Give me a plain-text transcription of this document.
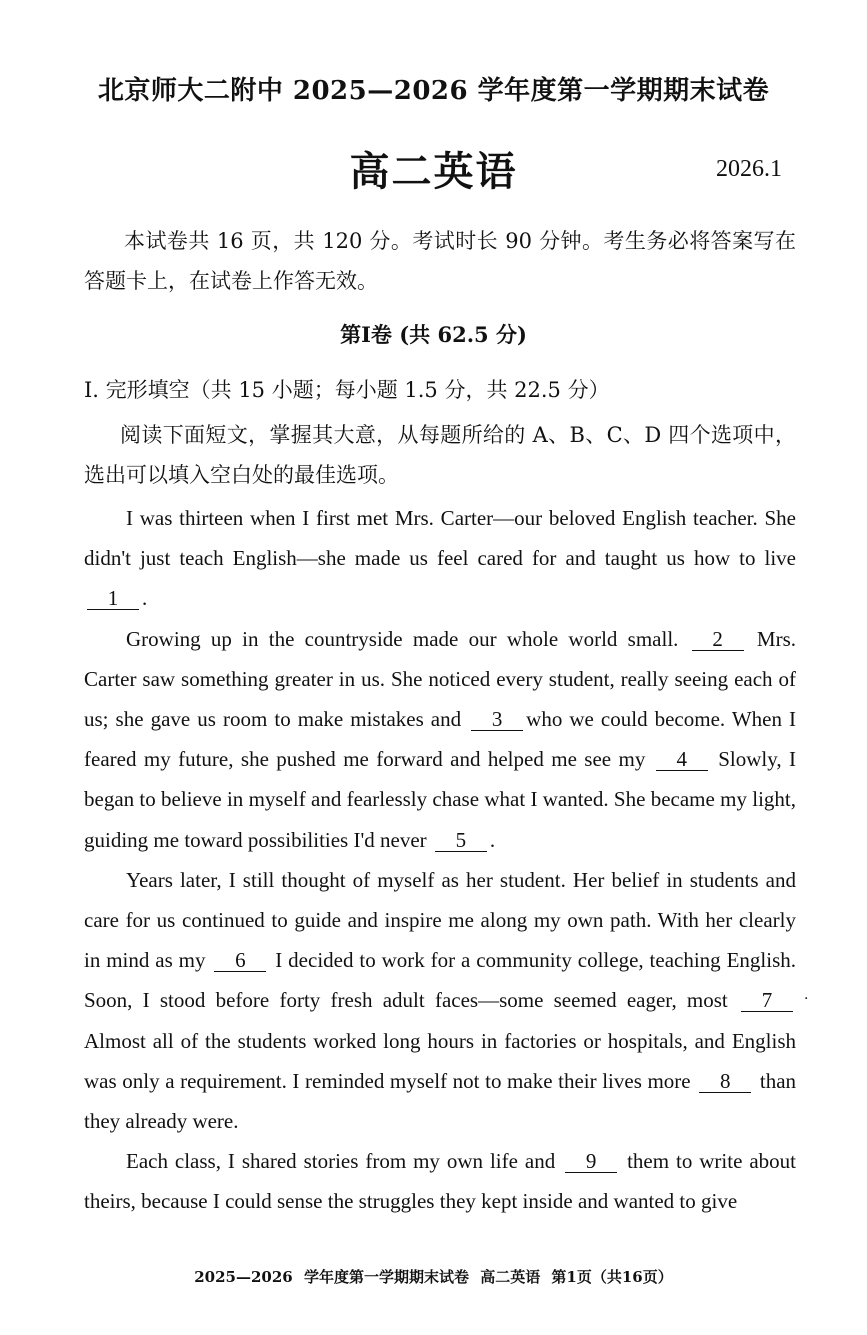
北京师大二附中 2025—2026 学年度第一学期期末试卷
高二英语	2026.1
本试卷共 16 页，共 120 分。考试时长 90 分钟。考生务必将答案写在答题卡上，在试卷上作答无效。
第Ⅰ卷 (共 62.5 分)
I. 完形填空（共 15 小题；每小题 1.5 分，共 22.5 分）
阅读下面短文，掌握其大意，从每题所给的 A、B、C、D 四个选项中，选出可以填入空白处的最佳选项。

I was thirteen when I first met Mrs. Carter—our beloved English teacher. She didn't just teach English—she made us feel cared for and taught us how to live 1 .

Growing up in the countryside made our whole world small. 2 Mrs. Carter saw something greater in us. She noticed every student, really seeing each of us; she gave us room to make mistakes and 3 who we could become. When I feared my future, she pushed me forward and helped me see my 4 Slowly, I began to believe in myself and fearlessly chase what I wanted. She became my light, guiding me toward possibilities I'd never 5 .

Years later, I still thought of myself as her student. Her belief in students and care for us continued to guide and inspire me along my own path. With her clearly in mind as my 6 I decided to work for a community college, teaching English. Soon, I stood before forty fresh adult faces—some seemed eager, most 7 Almost all of the students worked long hours in factories or hospitals, and English was only a requirement. I reminded myself not to make their lives more 8 than they already were.

Each class, I shared stories from my own life and 9 them to write about theirs, because I could sense the struggles they kept inside and wanted to give

·
2025—2026 学年度第一学期期末试卷 高二英语 第1页（共16页）
